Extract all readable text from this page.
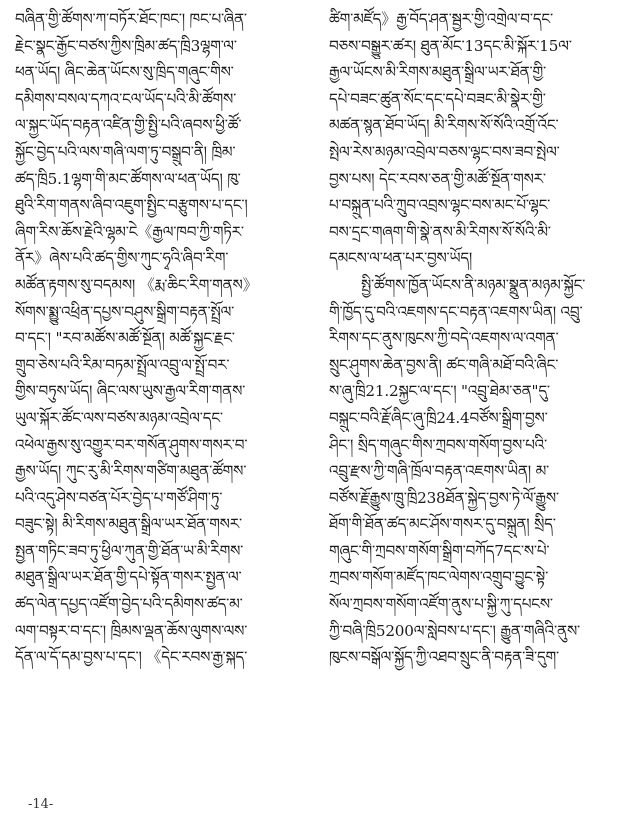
བཞིན་གྱི་ཚོགས་ཀ་བཏོར་ཐོང་ཁང་། ཁང་པ་ཞིན་
རྗེང་སྣང་རྒྱོང་བཙས་ཀྱིས་ཁྲིམ་ཚད་ཁྲི3ལྷག་ལ་
ཕན་ཡོད། ཞིང་ཆེན་ཡོངས་སུ་ཁྲིད་གཞུང་གིས་
དམིགས་བསལ་དཀའ་ངལ་ཡོད་པའི་མི་ཚོགས་
ལ་སྐྱང་ཡོད་བརྟན་འཛིན་གྱི་སྤྱི་པའི་ཞབས་ཕྱི་ཚོ་
སྐྱོང་བྱེད་པའི་ལས་གཞི་ལག་ཏུ་བསྒྲུབ་ནི། ཁྲིམ་
ཚད་ཁྲི5.1ལྷག་གི་མང་ཚོགས་ལ་ཕན་ཡོད། ཁུ་
ཐུའི་རིག་གནས་ཞིབ་འཇུག་སྤྱིང་བརྩུགས་པ་དང་།
ཞིག་རིས་ཆོས་རྗེའི་ལྷམ་ངེ《རྒྱལ་ཁབ་ཀྱི་གཏིར་
ནོར》ཞེས་པའི་ཚད་གྱིས་ཀུང་ཧྭའི་ཞིབ་རིག་
མཚོན་རྟགས་སུ་བདམས། 《རྨ་ཆིང་རིག་གནས》
སོགས་སྨྱུ་འཕྲིན་དཔྱས་བཤུས་སྒྲིག་བརྟན་སྤྲོལ་
བ་དང་། "རབ་མཚོས་མཚོ་སྔོན། མཚོ་སྐྱང་རྗང་
གྲུབ་ཅེས་པའི་རིམ་བཏམ་སྤྲོལ་འབྲུ་ལ་སྤྲོ་བར་
གྱིས་བཏུས་ཡོད། ཞིང་ལས་ཡུས་རྒྱལ་རིག་གནས་
ཡུལ་སྐོར་ཚོང་ལས་བཙས་མཉམ་འབྲེལ་དང་
འཕེལ་རྒྱས་སུ་འགྱུར་བར་གསོན་ཤུགས་གསར་བ་
རྒྱས་ཡོད། ཀུང་རུ་མི་རིགས་གཙིག་མཐུན་ཚོགས་
པའི་འདུ་ཤེས་བཙན་པོར་བྱེད་པ་གཙོ་ཤིག་ཏུ་
བཟུང་སྟེ། མི་རིགས་མཐུན་སྒྲིལ་ཡར་ཐོན་གསར་
སྤྱན་གཏིང་ཟབ་ཏུ་ཕྱིལ་ཀུན་གྱི་ཐོན་ཡ་མི་རིགས་
མཐུན་སྒྲིལ་ཡར་ཐོན་གྱི་དཔེ་སྟོན་གསར་སྤྱན་ལ་
ཚད་ལེན་དཔྱད་འཛོག་བྱེད་པའི་དམིགས་ཚད་མ་
ལག་བསྟར་བ་དང་། ཁྲིམས་ལྡན་ཆོས་ལུགས་ལས་
དོན་ལ་དོ་དམ་བྱས་པ་དང་། 《དེང་རབས་རྒྱ་སྐད་
ཚིག་མཛོད》རྒྱ་བོད་ཤན་སྦྱར་གྱི་འགྲེལ་བ་དང་
བཅས་བསྒྱུར་ཚར། ཐུན་མོང་13དང་མི་སྐོར་15ལ་
རྒྱལ་ཡོངས་མི་རིགས་མཐུན་སྒྲིལ་ཡར་ཐོན་གྱི་
དཔེ་བཟང་ཚུན་སོང་དང་དཔེ་བཟང་མི་སྣེར་གྱི་
མཚན་སྙན་ཐོབ་ཡོད། མི་རིགས་སོ་སོའི་འགྲོ་འོང་
སྤེལ་རེས་མཉམ་འབྲེལ་བཅས་ལྷང་བས་ཟབ་སྤེལ་
བྱས་པས། དེང་རབས་ཅན་གྱི་མཚོ་སྔོན་གསར་
པ་བསྐྲུན་པའི་ཀྲུབ་འབྲས་ལྷང་བས་མང་པོ་ལྷང་
བས་དྲང་གཞག་གི་སྣེ་ནས་མི་རིགས་སོ་སོའི་མི་
དམངས་ལ་ཕན་པར་བྱས་ཡོད།
སྤྱི་ཚོགས་ཁྱོན་ཡོངས་ནི་མཉམ་སྣྲུན་མཉམ་སྐྱོང་
གི་ཁྱོད་དུ་བའི་འཇགས་དང་བརྟན་འཇགས་ཡིན། འབྲུ་
རིགས་དང་ནུས་ཁུངས་ཀྱི་བདེ་འཇགས་ལ་འགན་
སྲུང་ཤུགས་ཆེན་བྱས་ནི། ཚང་གཞི་མཐོ་བའི་ཞིང་
ས་ཞུ་ཁྲི21.2སྐྱང་ལ་དང་། "འབྲུ་ཐེམ་ཅན"དུ་
བསྐྲུང་བའི་རྗོ་ཞིང་ཞུ་ཁྲི24.4བཙོས་སྒྲིག་བྱས་
ཤིང་། སྲིད་གཞུང་གིས་ཀྲབས་གསོག་བྱས་པའི་
འབྲུ་རྫས་ཀྱི་གཞི་ཁྲོལ་བརྟན་འཇགས་ཡིན། མ་
བཙོས་རྗོ་རྒྱུས་ཁྲུ་ཁྲི238ཐོན་སྐྱེད་བྱས་ཏེ་ལོ་རྒྱུས་
ཐོག་གི་ཐོན་ཚད་མང་ཤོས་གསར་དུ་བསྐྲུན། སྲིད་
གཞུང་གི་ཀྲབས་གསོག་སྒྲིག་བཀོད7དང་ས་པེ་
ཀྲབས་གསོག་མཛོད་ཁང་ལེགས་འགྲུབ་བྱུང་སྟེ་
སོལ་ཀྲབས་གསོག་འཛོག་ནུས་པ་སྐྱི་ཀུ་དཔངས་
ཀྱི་བཞི་ཁྲི5200ལ་སླེབས་པ་དང་། རྒྱུན་གཞིའི་ནུས་
ཁུངས་བསྒོལ་སྐྱོད་ཀྱི་འཐབ་སྲུང་ནི་བརྟན་ཟི་དུག་
-14-
